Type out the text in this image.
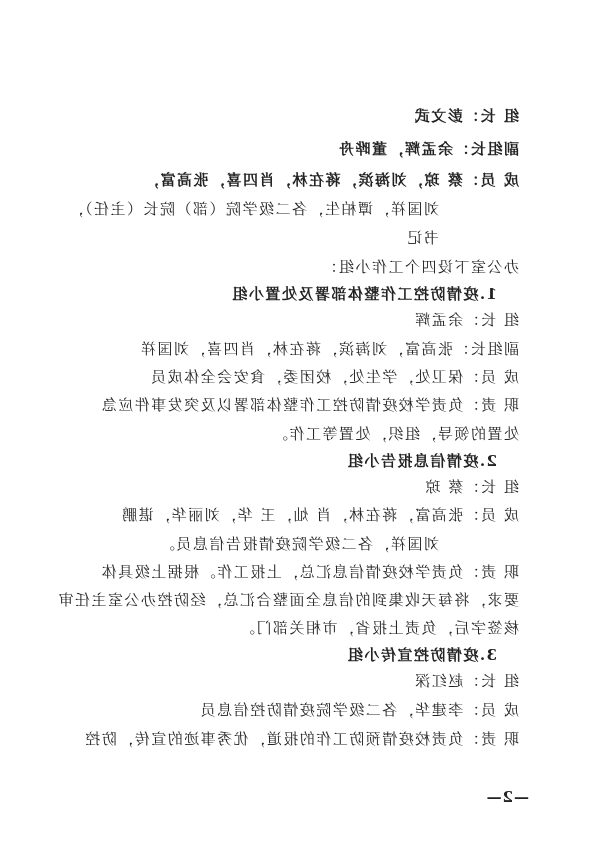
组 长：彭文武
副组长：余孟辉，董晔舟
成 员：蔡 琼，刘海滨，蒋在林，肖四喜，张高富，
刘国祥，谭柏生，各二级学院（部）院长（主任），
书记
办公室下设四个工作小组：
1.疫情防控工作整体部署及处置小组
组 长：余孟辉
副组长：张高富，刘海滨，蒋在林，肖四喜，刘国祥
成 员：保卫处，学生处，校团委，食安会全体成员
职 责：负责学校疫情防控工作整体部署以及突发事件应急
处置的领导，组织，处置等工作。
2.疫情信息报告小组
组 长：蔡 琼
成 员：张高富，蒋在林，肖 灿，王 华，刘丽华，谌鹏
刘国祥，各二级学院疫情报告信息员。
职 责：负责学校疫情信息汇总，上报工作。根据上级具体
要求，将每天收集到的信息全面整合汇总，经防控办公室主任审
核签字后，负责上报省，市相关部门。
3.疫情防控宣传小组
组 长：赵红深
成 员：李建华，各二级学院疫情防控信息员
职 责：负责校疫情预防工作的报道，优秀事迹的宣传，防控
—2—
